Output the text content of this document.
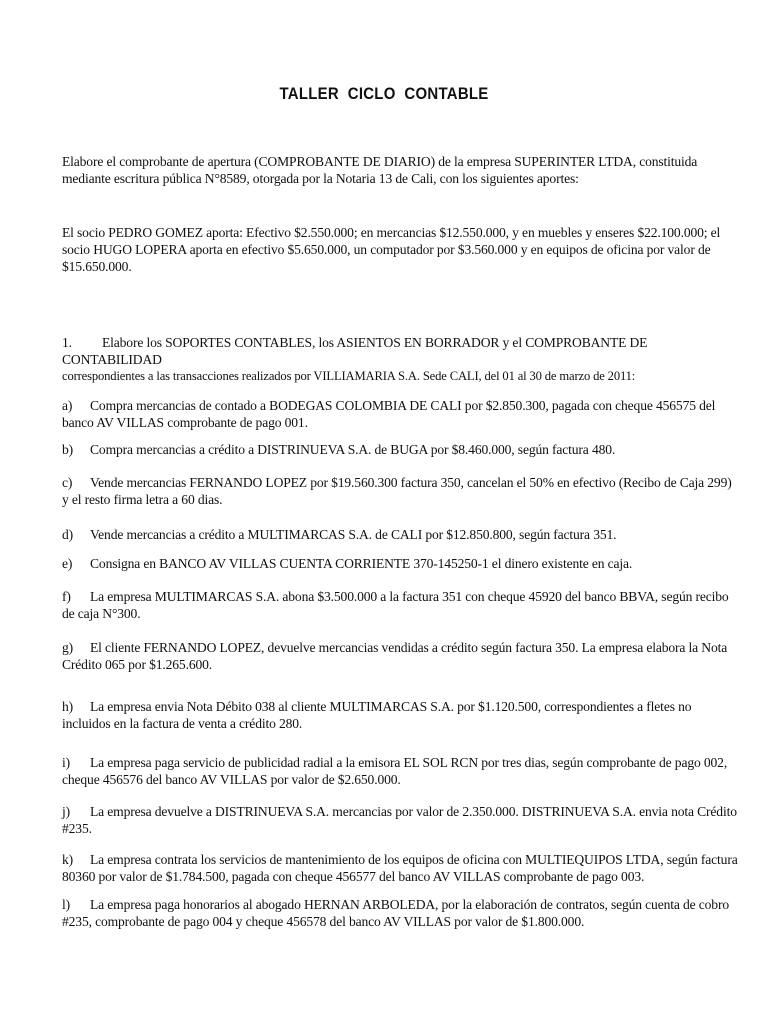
TALLER CICLO CONTABLE
Elabore el comprobante de apertura (COMPROBANTE DE DIARIO) de la empresa SUPERINTER LTDA, constituida mediante escritura pública N°8589, otorgada por la Notaria 13 de Cali, con los siguientes aportes:
El socio PEDRO GOMEZ aporta: Efectivo $2.550.000; en mercancias $12.550.000, y en muebles y enseres $22.100.000; el socio HUGO LOPERA aporta en efectivo $5.650.000, un computador por $3.560.000 y en equipos de oficina por valor de $15.650.000.
1. Elabore los SOPORTES CONTABLES, los ASIENTOS EN BORRADOR y el COMPROBANTE DE CONTABILIDAD
correspondientes a las transacciones realizados por VILLIAMARIA S.A. Sede CALI, del 01 al 30 de marzo de 2011:
a) Compra mercancias de contado a BODEGAS COLOMBIA DE CALI por $2.850.300, pagada con cheque 456575 del banco AV VILLAS comprobante de pago 001.
b) Compra mercancias a crédito a DISTRINUEVA S.A. de BUGA por $8.460.000, según factura 480.
c) Vende mercancias FERNANDO LOPEZ por $19.560.300 factura 350, cancelan el 50% en efectivo (Recibo de Caja 299) y el resto firma letra a 60 dias.
d) Vende mercancias a crédito a MULTIMARCAS S.A. de CALI por $12.850.800, según factura 351.
e) Consigna en BANCO AV VILLAS CUENTA CORRIENTE 370-145250-1 el dinero existente en caja.
f) La empresa MULTIMARCAS S.A. abona $3.500.000 a la factura 351 con cheque 45920 del banco BBVA, según recibo de caja N°300.
g) El cliente FERNANDO LOPEZ, devuelve mercancias vendidas a crédito según factura 350. La empresa elabora la Nota Crédito 065 por $1.265.600.
h) La empresa envia Nota Débito 038 al cliente MULTIMARCAS S.A. por $1.120.500, correspondientes a fletes no incluidos en la factura de venta a crédito 280.
i) La empresa paga servicio de publicidad radial a la emisora EL SOL RCN por tres dias, según comprobante de pago 002, cheque 456576 del banco AV VILLAS por valor de $2.650.000.
j) La empresa devuelve a DISTRINUEVA S.A. mercancias por valor de 2.350.000. DISTRINUEVA S.A. envia nota Crédito #235.
k) La empresa contrata los servicios de mantenimiento de los equipos de oficina con MULTIEQUIPOS LTDA, según factura 80360 por valor de $1.784.500, pagada con cheque 456577 del banco AV VILLAS comprobante de pago 003.
l) La empresa paga honorarios al abogado HERNAN ARBOLEDA, por la elaboración de contratos, según cuenta de cobro #235, comprobante de pago 004 y cheque 456578 del banco AV VILLAS por valor de $1.800.000.
